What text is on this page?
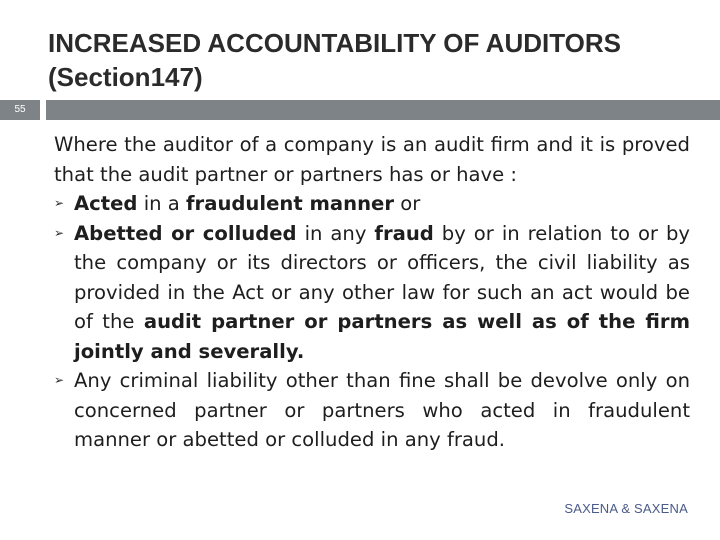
INCREASED ACCOUNTABILITY OF AUDITORS (Section147)
55
Where the auditor of a company is an audit firm and it is proved that the audit partner or partners has or have :
➢ Acted in a fraudulent manner or
➢ Abetted or colluded in any fraud by or in relation to or by the company or its directors or officers, the civil liability as provided in the Act or any other law for such an act would be of the audit partner or partners as well as of the firm jointly and severally.
➢ Any criminal liability other than fine shall be devolve only on concerned partner or partners who acted in fraudulent manner or abetted or colluded in any fraud.
SAXENA & SAXENA
